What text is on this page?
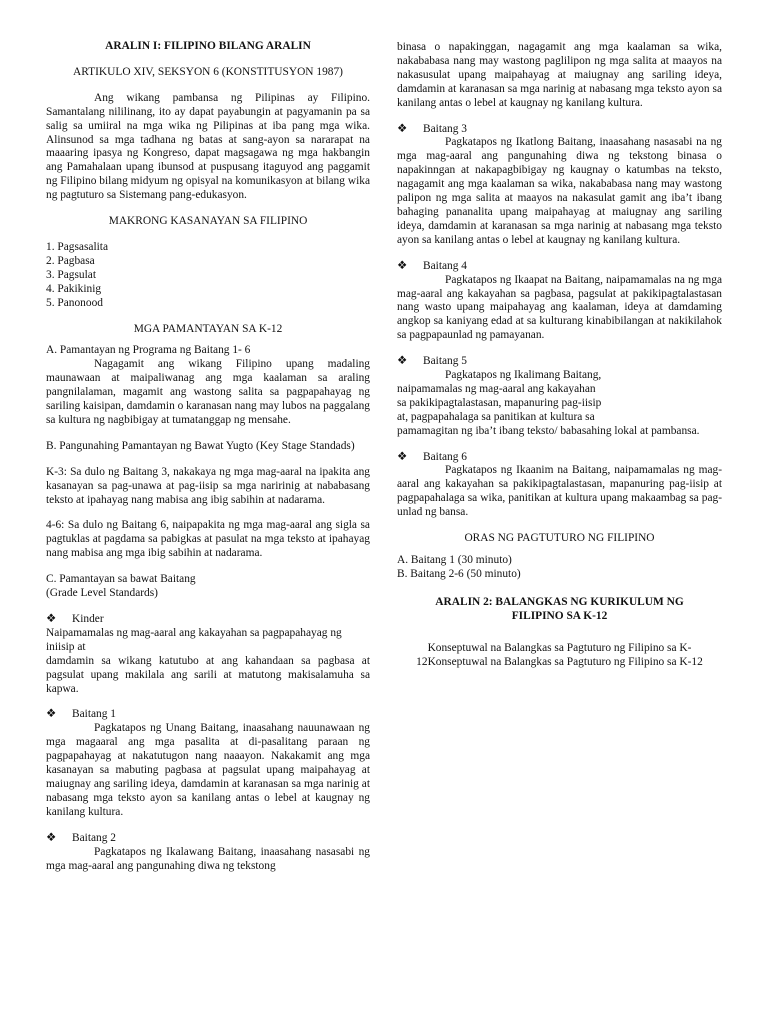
ARALIN I: FILIPINO BILANG ARALIN

ARTIKULO XIV, SEKSYON 6 (KONSTITUSYON 1987)

Ang wikang pambansa ng Pilipinas ay Filipino. Samantalang nililinang, ito ay dapat payabungin at pagyamanin pa sa salig sa umiiral na mga wika ng Pilipinas at iba pang mga wika. Alinsunod sa mga tadhana ng batas at sang-ayon sa nararapat na maaaring ipasya ng Kongreso, dapat magsagawa ng mga hakbangin ang Pamahalaan upang ibunsod at puspusang itaguyod ang paggamit ng Filipino bilang midyum ng opisyal na komunikasyon at bilang wika ng pagtuturo sa Sistemang pang-edukasyon.

MAKRONG KASANAYAN SA FILIPINO

1. Pagsasalita

2. Pagbasa

3. Pagsulat

4. Pakikinig

5. Panonood

MGA PAMANTAYAN SA K-12

A. Pamantayan ng Programa ng Baitang 1- 6

Nagagamit ang wikang Filipino upang madaling maunawaan at maipaliwanag ang mga kaalaman sa araling pangnilalaman, magamit ang wastong salita sa pagpapahayag ng sariling kaisipan, damdamin o karanasan nang may lubos na paggalang sa kultura ng nagbibigay at tumatanggap ng mensahe.

B. Pangunahing Pamantayan ng Bawat Yugto (Key Stage Standads)

K-3: Sa dulo ng Baitang 3, nakakaya ng mga mag-aaral na ipakita ang kasanayan sa pag-unawa at pag-iisip sa mga naririnig at nababasang teksto at ipahayag nang mabisa ang ibig sabihin at nadarama.

4-6: Sa dulo ng Baitang 6, naipapakita ng mga mag-aaral ang sigla sa pagtuklas at pagdama sa pabigkas at pasulat na mga teksto at ipahayag nang mabisa ang mga ibig sabihin at nadarama.

C. Pamantayan sa bawat Baitang

(Grade Level Standards)

❖ Kinder

Naipamamalas ng mag-aaral ang kakayahan sa pagpapahayag ng iniisip at

damdamin sa wikang katutubo at ang kahandaan sa pagbasa at pagsulat upang makilala ang sarili at matutong makisalamuha sa kapwa.

❖ Baitang 1

Pagkatapos ng Unang Baitang, inaasahang nauunawaan ng mga magaaral ang mga pasalita at di-pasalitang paraan ng pagpapahayag at nakatutugon nang naaayon. Nakakamit ang mga kasanayan sa mabuting pagbasa at pagsulat upang maipahayag at maiugnay ang sariling ideya, damdamin at karanasan sa mga narinig at nabasang mga teksto ayon sa kanilang antas o lebel at kaugnay ng kanilang kultura.

❖ Baitang 2

Pagkatapos ng Ikalawang Baitang, inaasahang nasasabi ng mga mag-aaral ang pangunahing diwa ng tekstong

binasa o napakinggan, nagagamit ang mga kaalaman sa wika, nakababasa nang may wastong paglilipon ng mga salita at maayos na nakasusulat upang maipahayag at maiugnay ang sariling ideya, damdamin at karanasan sa mga narinig at nabasang mga teksto ayon sa kanilang antas o lebel at kaugnay ng kanilang kultura.

❖ Baitang 3

Pagkatapos ng Ikatlong Baitang, inaasahang nasasabi na ng mga mag-aaral ang pangunahing diwa ng tekstong binasa o napakinngan at nakapagbibigay ng kaugnay o katumbas na teksto, nagagamit ang mga kaalaman sa wika, nakababasa nang may wastong palipon ng mga salita at maayos na nakasulat gamit ang iba’t ibang bahaging pananalita upang maipahayag at maiugnay ang sariling ideya, damdamin at karanasan sa mga narinig at nabasang mga teksto ayon sa kanilang antas o lebel at kaugnay ng kanilang kultura.

❖ Baitang 4

Pagkatapos ng Ikaapat na Baitang, naipamamalas na ng mga mag-aaral ang kakayahan sa pagbasa, pagsulat at pakikipagtalastasan nang wasto upang maipahayag ang kaalaman, ideya at damdaming angkop sa kaniyang edad at sa kulturang kinabibilangan at nakikilahok sa pagpapaunlad ng pamayanan.

❖ Baitang 5

Pagkatapos ng Ikalimang Baitang,

naipamamalas ng mag-aaral ang kakayahan

sa pakikipagtalastasan, mapanuring pag-iisip

at, pagpapahalaga sa panitikan at kultura sa

pamamagitan ng iba’t ibang teksto/ babasahing lokal at pambansa.

❖ Baitang 6

Pagkatapos ng Ikaanim na Baitang, naipamamalas ng mag-aaral ang kakayahan sa pakikipagtalastasan, mapanuring pag-iisip at pagpapahalaga sa wika, panitikan at kultura upang makaambag sa pag-unlad ng bansa.

ORAS NG PAGTUTURO NG FILIPINO

A. Baitang 1 (30 minuto)

B. Baitang 2-6 (50 minuto)

ARALIN 2: BALANGKAS NG KURIKULUM NG

FILIPINO SA K-12

Konseptuwal na Balangkas sa Pagtuturo ng Filipino sa K-12Konseptuwal na Balangkas sa Pagtuturo ng Filipino sa K-12
